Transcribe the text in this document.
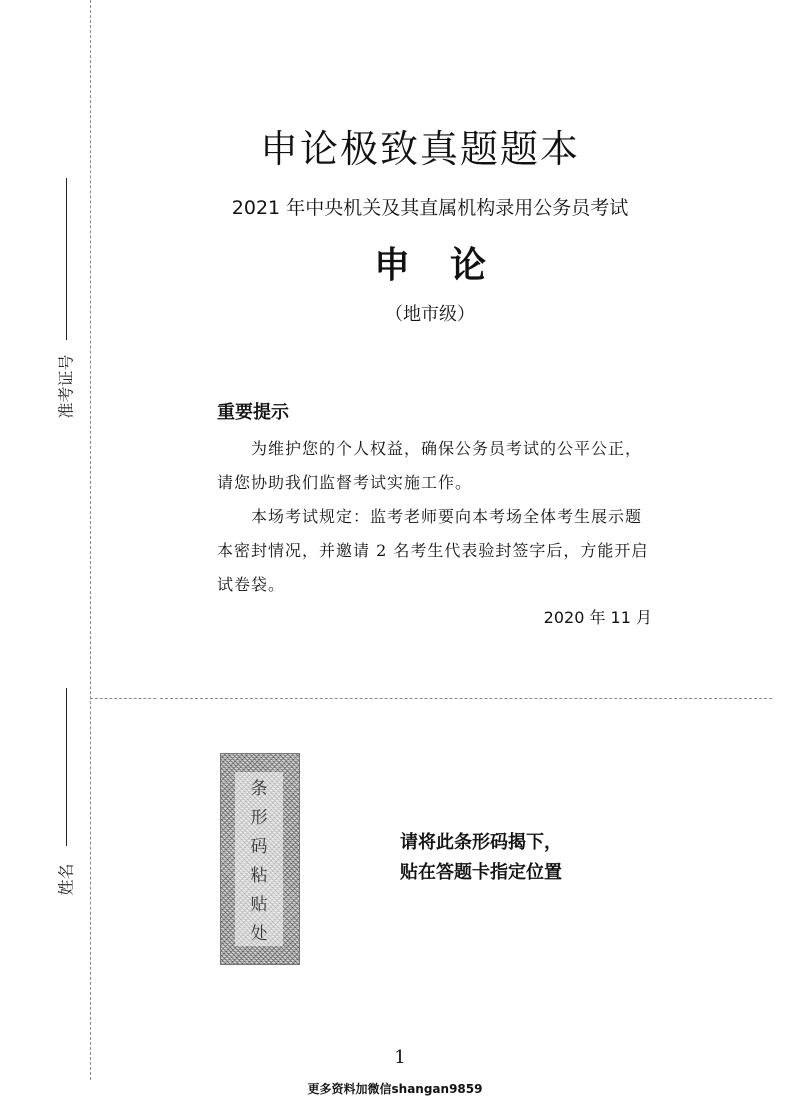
准考证号
姓名
申论极致真题题本
2021 年中央机关及其直属机构录用公务员考试
申论
（地市级）
重要提示
为维护您的个人权益，确保公务员考试的公平公正，请您协助我们监督考试实施工作。
本场考试规定：监考老师要向本考场全体考生展示题本密封情况，并邀请 2 名考生代表验封签字后，方能开启试卷袋。
2020 年 11 月
条
形
码
粘
贴
处
请将此条形码揭下，
贴在答题卡指定位置
1
更多资料加微信shangan9859
